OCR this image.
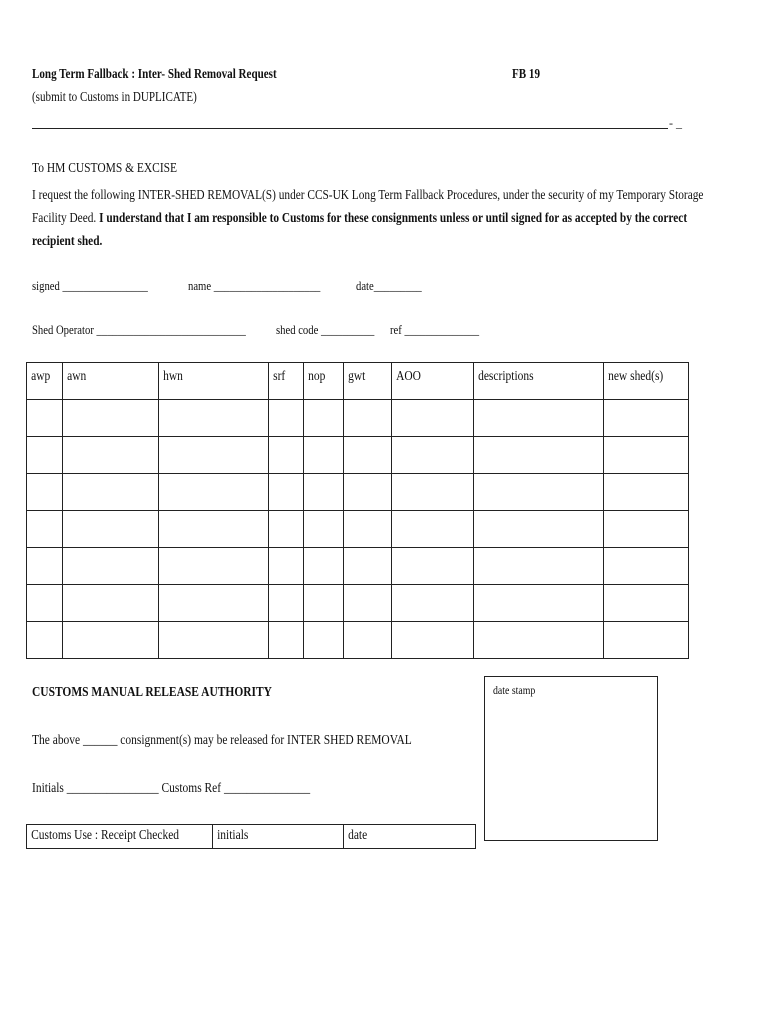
Long Term Fallback : Inter- Shed Removal Request	FB 19
(submit to Customs in DUPLICATE)
- _
To HM CUSTOMS & EXCISE
I request the following INTER-SHED REMOVAL(S) under CCS-UK Long Term Fallback Procedures, under the security of my Temporary Storage Facility Deed. I understand that I am responsible to Customs for these consignments unless or until signed for as accepted by the correct recipient shed.
signed ________________	name ____________________	date_________
Shed Operator ____________________________ shed code __________ ref ______________
awp	awn	hwn	srf	nop	gwt	AOO	descriptions	new shed(s)

CUSTOMS MANUAL RELEASE AUTHORITY
The above ______ consignment(s) may be released for INTER SHED REMOVAL
Initials ________________ Customs Ref _______________
date stamp
Customs Use : Receipt Checked	initials	date
